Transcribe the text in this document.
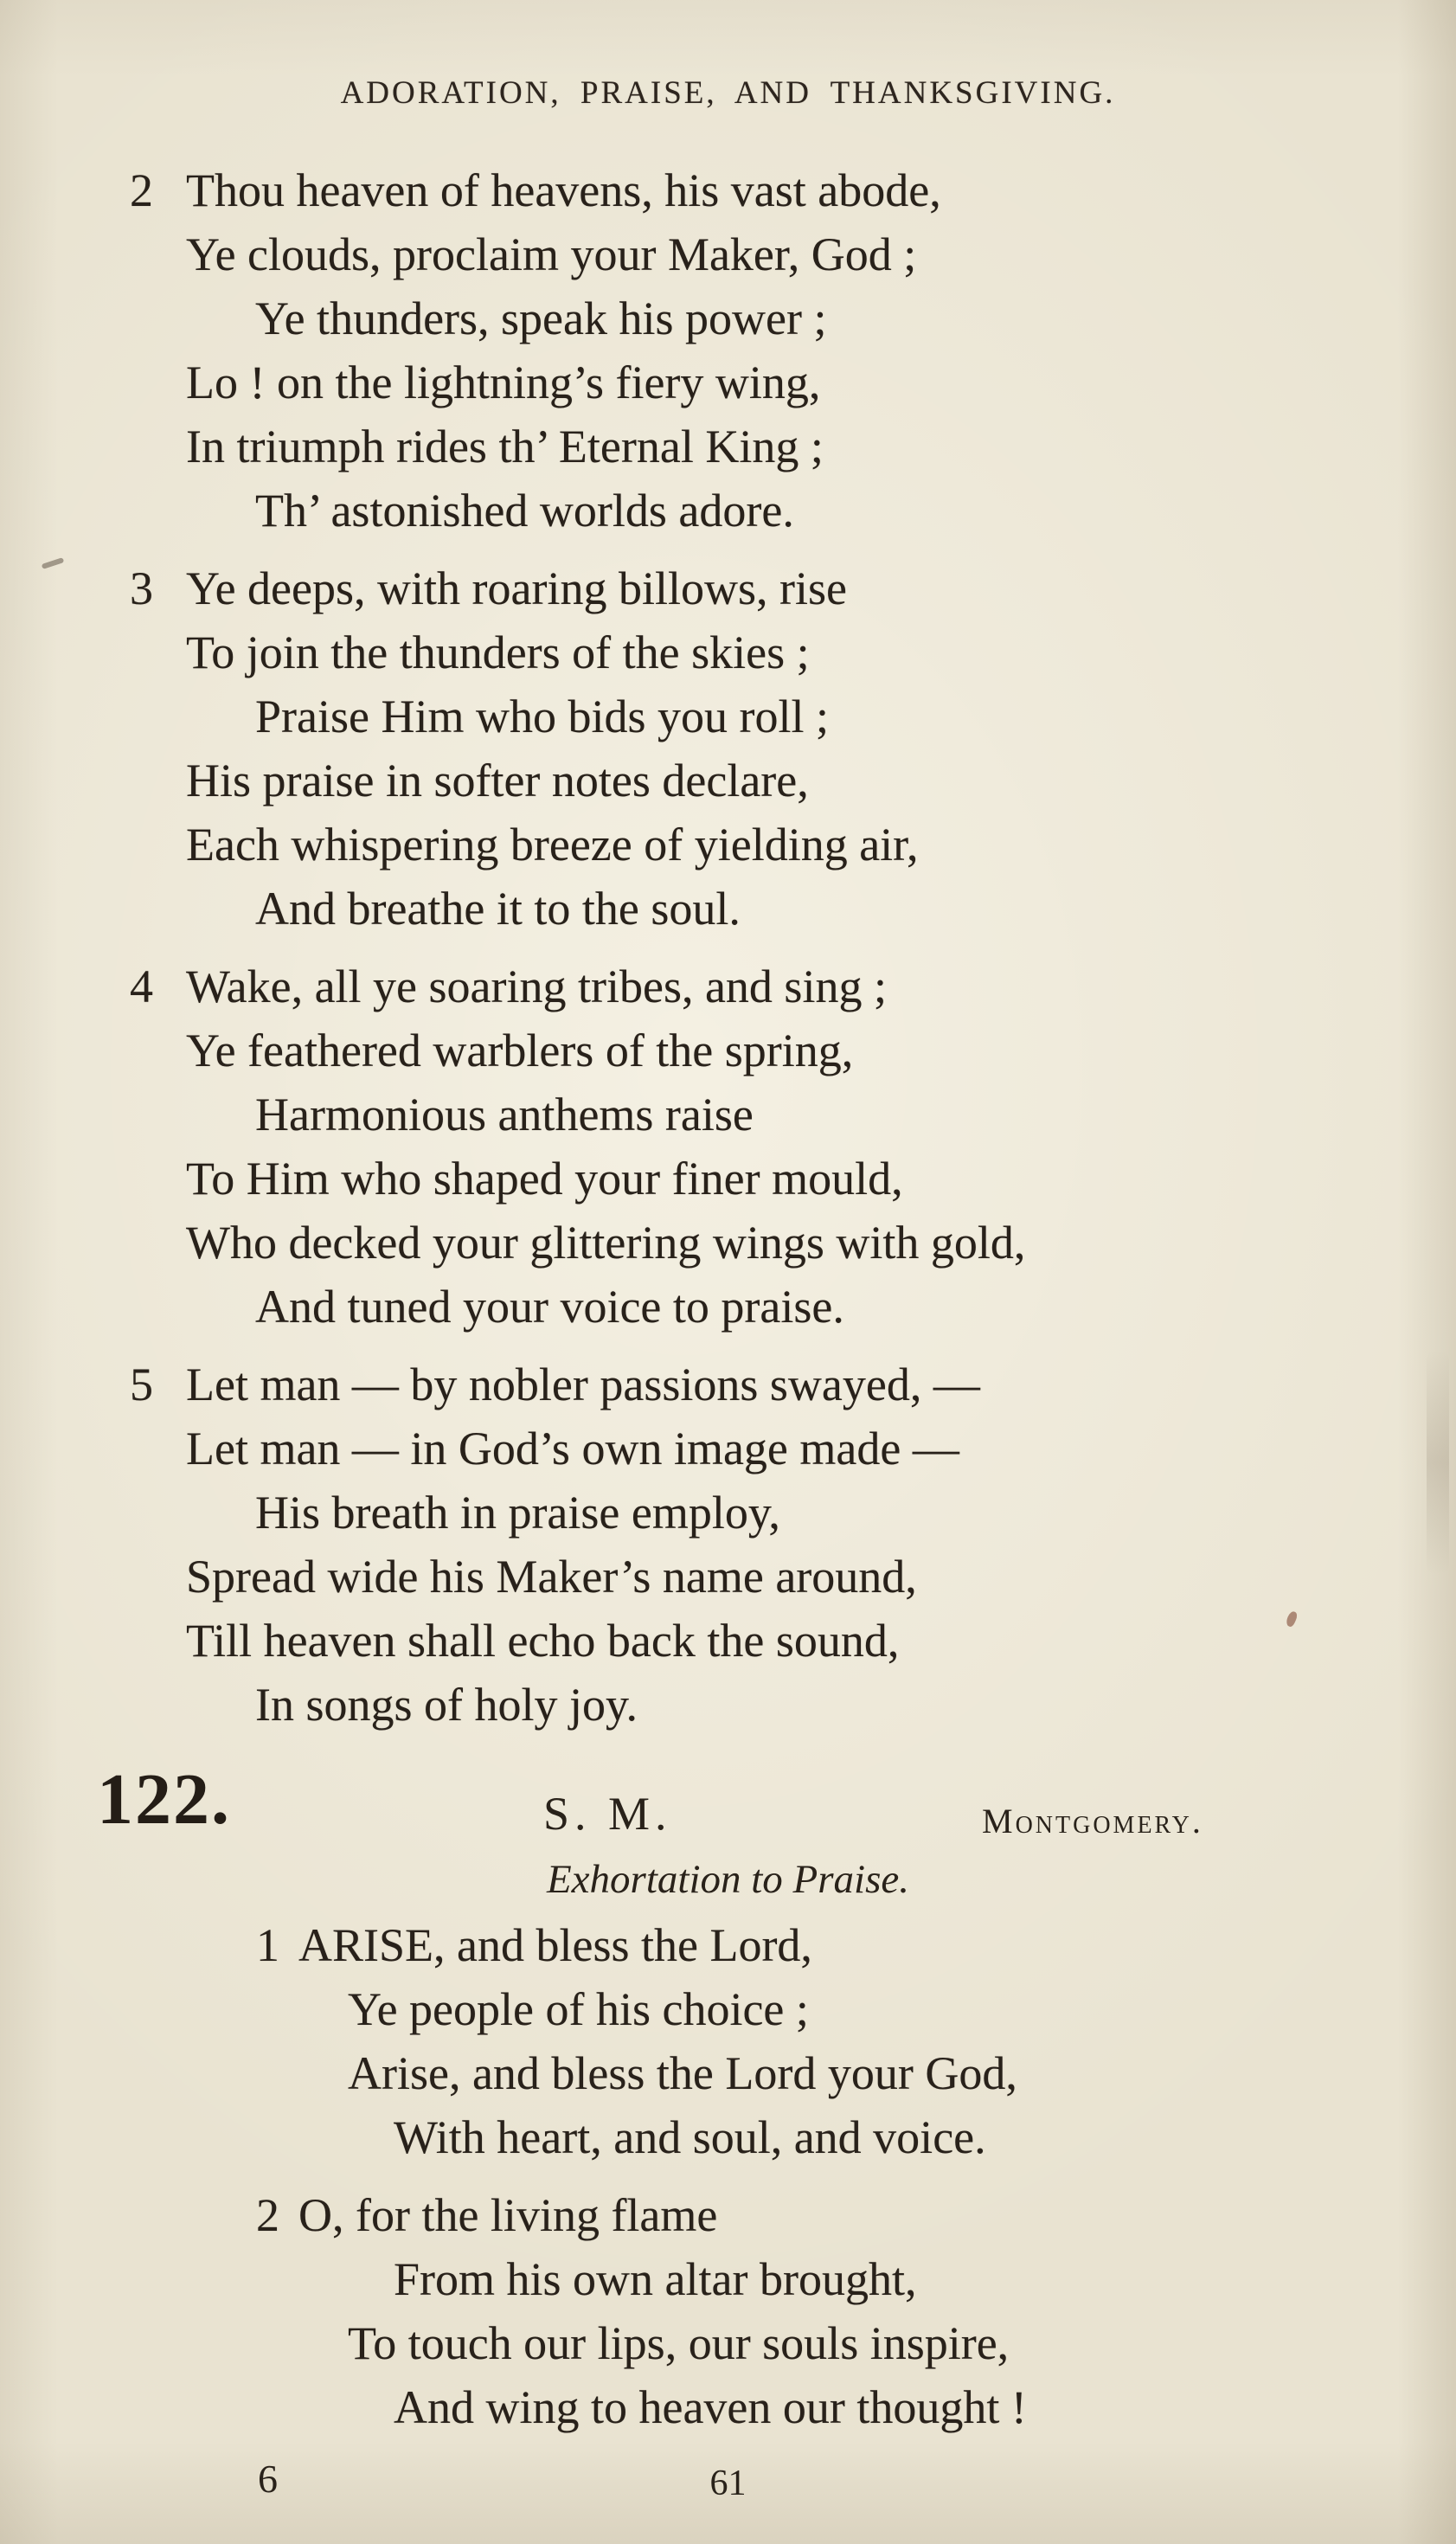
ADORATION, PRAISE, AND THANKSGIVING.
2 Thou heaven of heavens, his vast abode,
Ye clouds, proclaim your Maker, God ;
Ye thunders, speak his power ;
Lo ! on the lightning’s fiery wing,
In triumph rides th’ Eternal King ;
Th’ astonished worlds adore.
3 Ye deeps, with roaring billows, rise
To join the thunders of the skies ;
Praise Him who bids you roll ;
His praise in softer notes declare,
Each whispering breeze of yielding air,
And breathe it to the soul.
4 Wake, all ye soaring tribes, and sing ;
Ye feathered warblers of the spring,
Harmonious anthems raise
To Him who shaped your finer mould,
Who decked your glittering wings with gold,
And tuned your voice to praise.
5 Let man — by nobler passions swayed, —
Let man — in God’s own image made —
His breath in praise employ,
Spread wide his Maker’s name around,
Till heaven shall echo back the sound,
In songs of holy joy.
122.	S. M.	Montgomery.
Exhortation to Praise.
1 ARISE, and bless the Lord,
Ye people of his choice ;
Arise, and bless the Lord your God,
With heart, and soul, and voice.
2 O, for the living flame
From his own altar brought,
To touch our lips, our souls inspire,
And wing to heaven our thought !
6	61
